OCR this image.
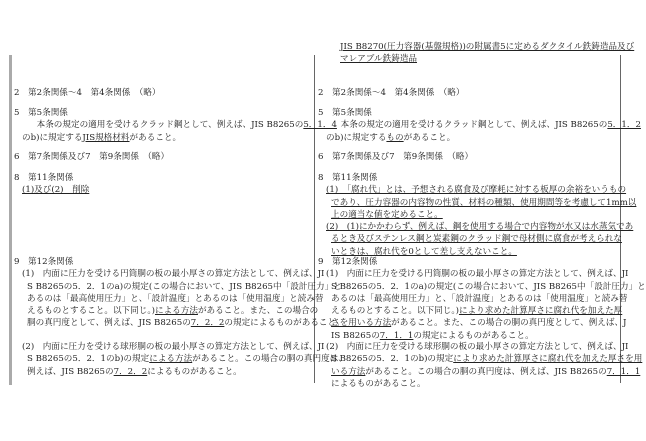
2　第2条関係～4　第4条関係　（略）
5　第5条関係
　本条の規定の適用を受けるクラッド鋼として、例えば、JIS B8265の5．1．4
のb)に規定するJIS規格材料があること。
6　第7条関係及び7　第9条関係　（略）
8　第11条関係
(1)及び(2)　削除
9　第12条関係
(1)　内面に圧力を受ける円筒胴の板の最小厚さの算定方法として、例えば、JI
S B8265の5．2．1のa)の規定(この場合において、JIS B8265中「設計圧力」と
あるのは「最高使用圧力」と、「設計温度」とあるのは「使用温度」と読み替
えるものとすること。以下同じ。)による方法があること。また、この場合の
胴の真円度として、例えば、JIS B8265の7．2．2の規定によるものがあること。
(2)　内面に圧力を受ける球形胴の板の最小厚さの算定方法として、例えば、JI
S B8265の5．2．1のb)の規定による方法があること。この場合の胴の真円度は、
例えば、JIS B8265の7．2．2によるものがあること。
JIS B8270(圧力容器(基盤規格))の附属書5に定めるダクタイル鉄鋳造品及び
マレアブル鉄鋳造品
2　第2条関係～4　第4条関係　（略）
5　第5条関係
　本条の規定の適用を受けるクラッド鋼として、例えば、JIS B8265の5．1．2
のb)に規定するものがあること。
6　第7条関係及び7　第9条関係　（略）
8　第11条関係
(1)　「腐れ代」とは、予想される腐食及び摩耗に対する板厚の余裕をいうもの
であり、圧力容器の内容物の性質、材料の種類、使用期間等を考慮して1mm以
上の適当な値を定めること。
(2)　(1)にかかわらず、例えば、鋼を使用する場合で内容物が水又は水蒸気であ
るとき及びステンレス鋼と炭素鋼のクラッド鋼で母材側に腐食が考えられな
いときは、腐れ代を0として差し支えないこと。
9　第12条関係
(1)　内面に圧力を受ける円筒胴の板の最小厚さの算定方法として、例えば、JI
S B8265の5．2．1のa)の規定(この場合において、JIS B8265中「設計圧力」と
あるのは「最高使用圧力」と、「設計温度」とあるのは「使用温度」と読み替
えるものとすること。以下同じ。)により求めた計算厚さに腐れ代を加えた厚
さを用いる方法があること。また、この場合の胴の真円度として、例えば、J
IS B8265の7．1．1の規定によるものがあること。
(2)　内面に圧力を受ける球形胴の板の最小厚さの算定方法として、例えば、JI
S B8265の5．2．1のb)の規定により求めた計算厚さに腐れ代を加えた厚さを用
いる方法があること。この場合の胴の真円度は、例えば、JIS B8265の7．1．1
によるものがあること。
